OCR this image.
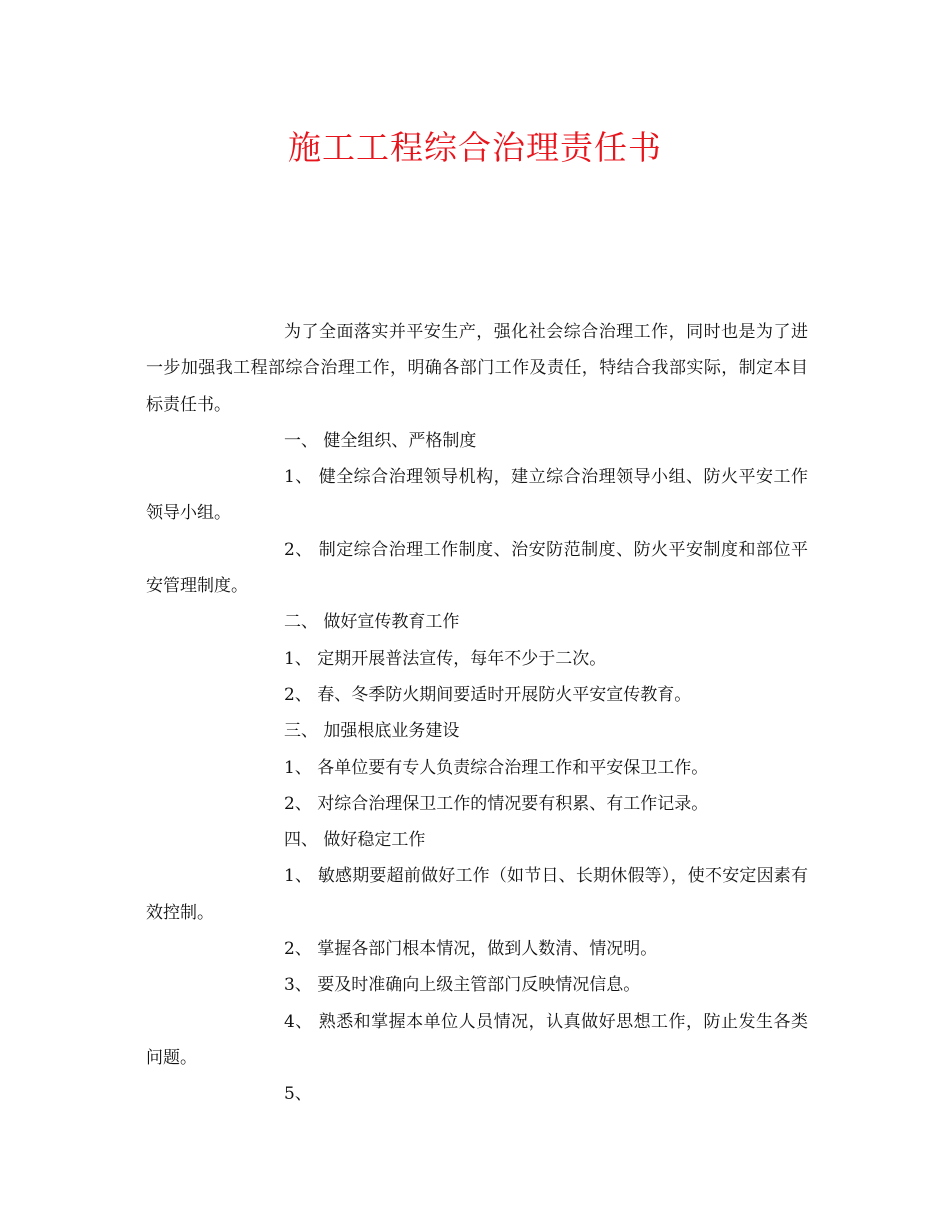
施工工程综合治理责任书

为了全面落实并平安生产，强化社会综合治理工作，同时也是为了进一步加强我工程部综合治理工作，明确各部门工作及责任，特结合我部实际，制定本目标责任书。

一、 健全组织、严格制度

1、 健全综合治理领导机构，建立综合治理领导小组、防火平安工作领导小组。

2、 制定综合治理工作制度、治安防范制度、防火平安制度和部位平安管理制度。

二、 做好宣传教育工作

1、 定期开展普法宣传，每年不少于二次。

2、 春、冬季防火期间要适时开展防火平安宣传教育。

三、 加强根底业务建设

1、 各单位要有专人负责综合治理工作和平安保卫工作。

2、 对综合治理保卫工作的情况要有积累、有工作记录。

四、 做好稳定工作

1、 敏感期要超前做好工作（如节日、长期休假等），使不安定因素有效控制。

2、 掌握各部门根本情况，做到人数清、情况明。

3、 要及时准确向上级主管部门反映情况信息。

4、 熟悉和掌握本单位人员情况，认真做好思想工作，防止发生各类问题。

5、
